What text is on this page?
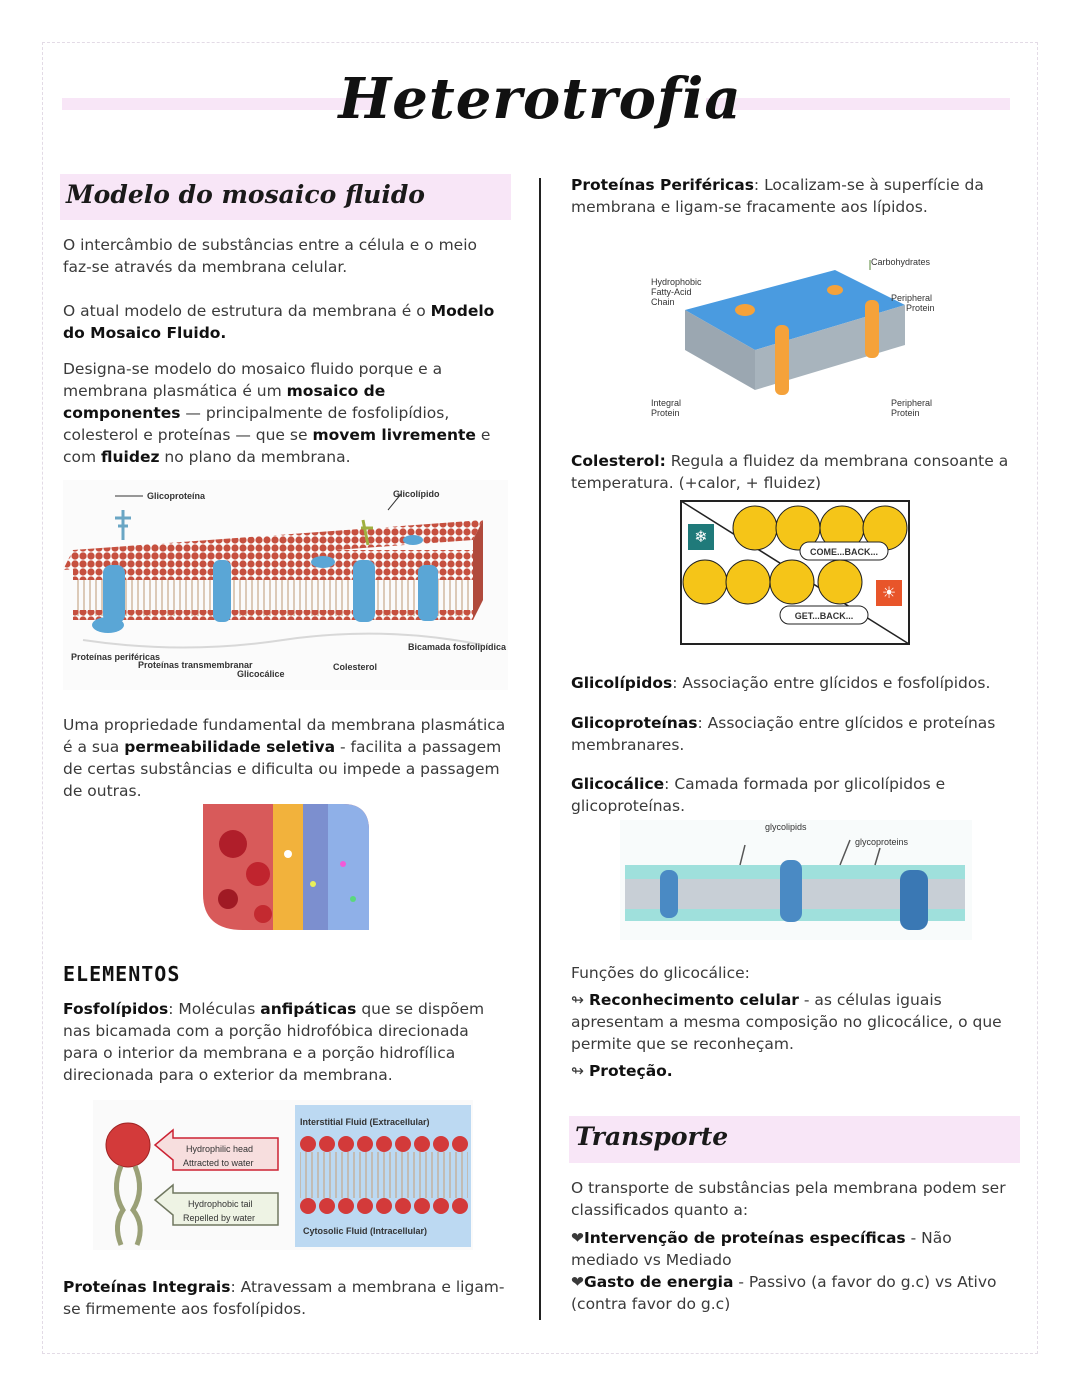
Heterotrofia
Modelo do mosaico fluido
O intercâmbio de substâncias entre a célula e o meio faz-se através da membrana celular.
O atual modelo de estrutura da membrana é o Modelo do Mosaico Fluido.
Designa-se modelo do mosaico fluido porque e a membrana plasmática é um mosaico de componentes — principalmente de fosfolipídios, colesterol e proteínas — que se movem livremente e com fluidez no plano da membrana.
Glicoproteína	Glicolípido
Proteínas periféricas
Proteínas transmembranar
Glicocálice
Colesterol
Bicamada fosfolipídica
Uma propriedade fundamental da membrana plasmática é a sua permeabilidade seletiva - facilita a passagem de certas substâncias e dificulta ou impede a passagem de outras.
ELEMENTOS
Fosfolípidos: Moléculas anfipáticas que se dispõem nas bicamada com a porção hidrofóbica direcionada para o interior da membrana e a porção hidrofílica direcionada para o exterior da membrana.
Hydrophilic head
Attracted to water
Hydrophobic tail
Repelled by water
Interstitial Fluid (Extracellular)
Cytosolic Fluid (Intracellular)
Proteínas Integrais: Atravessam a membrana e ligam-se firmemente aos fosfolípidos.
Proteínas Periféricas: Localizam-se à superfície da membrana e ligam-se fracamente aos lípidos.
Carbohydrates
Hydrophobic
Fatty-Acid
Chain	Peripheral
Protein
Integral
Protein
Peripheral
Protein
Colesterol: Regula a fluidez da membrana consoante a temperatura. (+calor, + fluidez)
❄
☀
COME...BACK...
GET...BACK...
Glicolípidos: Associação entre glícidos e fosfolípidos.
Glicoproteínas: Associação entre glícidos e proteínas membranares.
Glicocálice: Camada formada por glicolípidos e glicoproteínas.
glycolipids
glycoproteins
Funções do glicocálice:
↬ Reconhecimento celular - as células iguais apresentam a mesma composição no glicocálice, o que permite que se reconheçam.
↬ Proteção.
Transporte
O transporte de substâncias pela membrana podem ser classificados quanto a:
❤Intervenção de proteínas específicas - Não mediado vs Mediado
❤Gasto de energia - Passivo (a favor do g.c) vs Ativo (contra favor do g.c)
